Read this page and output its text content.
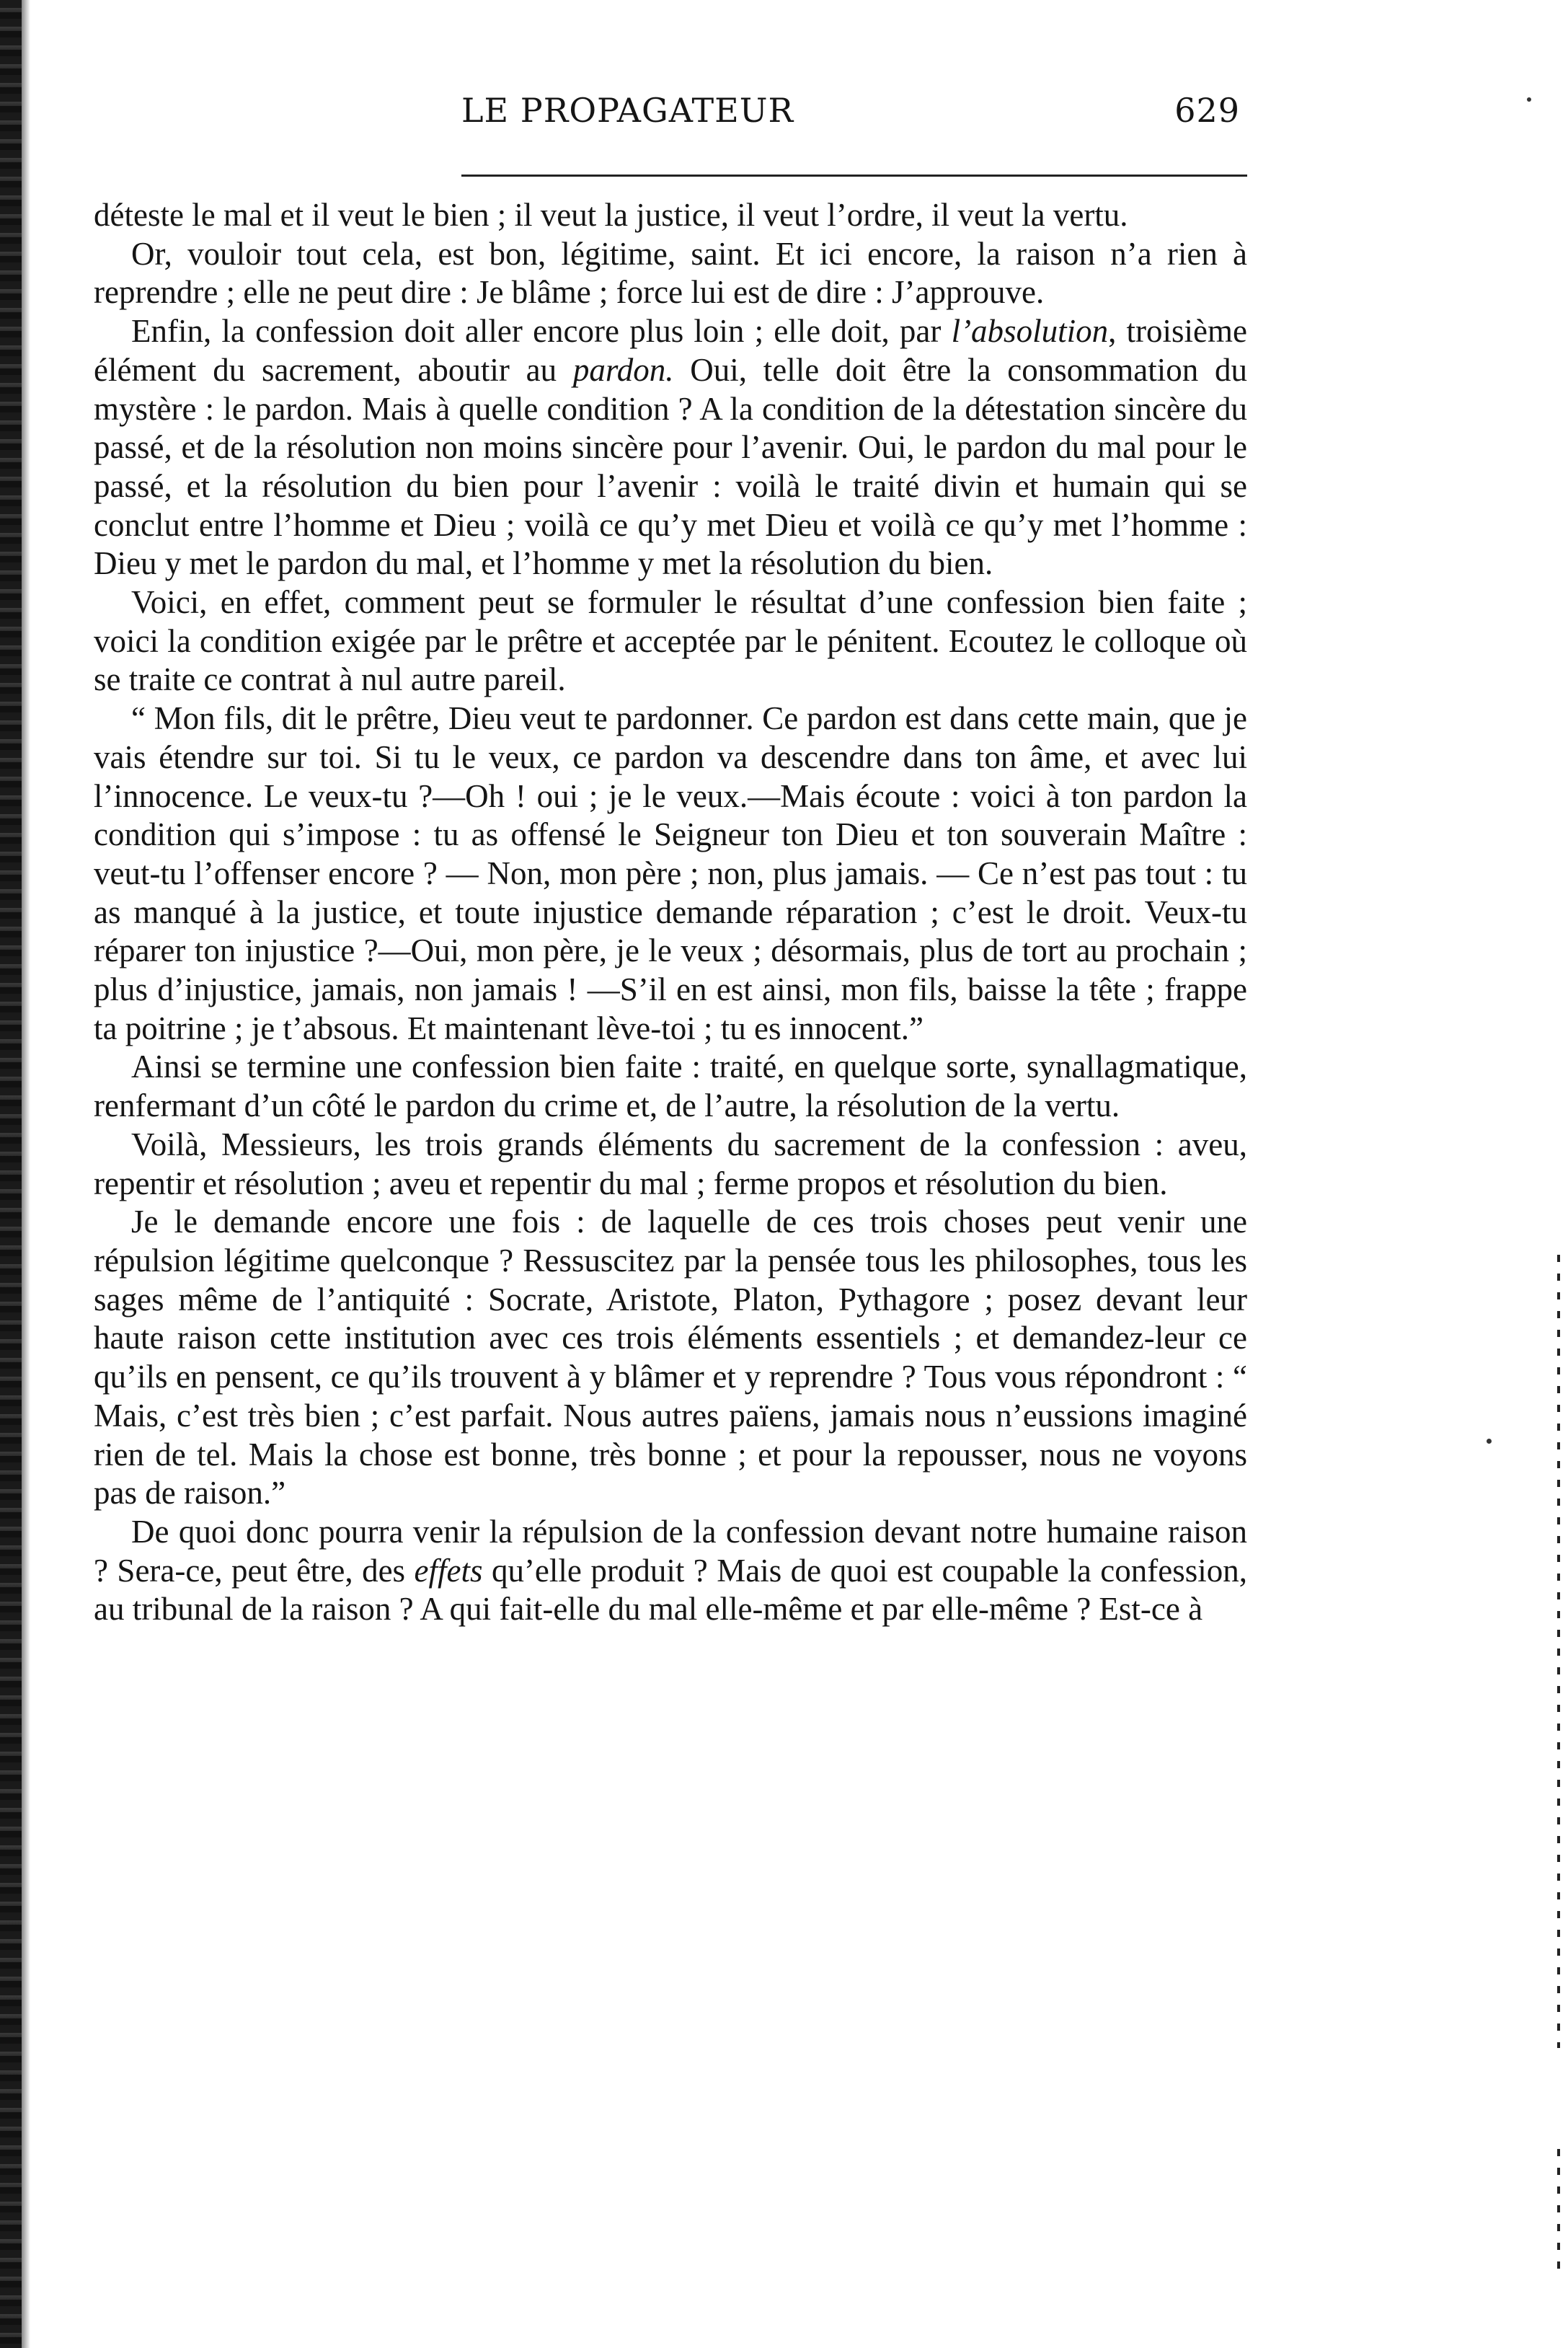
LE PROPAGATEUR	629

déteste le mal et il veut le bien ; il veut la justice, il veut l’ordre, il veut la vertu.

Or, vouloir tout cela, est bon, légitime, saint. Et ici encore, la raison n’a rien à reprendre ; elle ne peut dire : Je blâme ; force lui est de dire : J’approuve.

Enfin, la confession doit aller encore plus loin ; elle doit, par l’absolution, troisième élément du sacrement, aboutir au pardon. Oui, telle doit être la consommation du mystère : le pardon. Mais à quelle condition ? A la condition de la détestation sincère du passé, et de la résolution non moins sincère pour l’avenir. Oui, le pardon du mal pour le passé, et la résolution du bien pour l’avenir : voilà le traité divin et humain qui se conclut entre l’homme et Dieu ; voilà ce qu’y met Dieu et voilà ce qu’y met l’homme : Dieu y met le pardon du mal, et l’homme y met la résolution du bien.

Voici, en effet, comment peut se formuler le résultat d’une confession bien faite ; voici la condition exigée par le prêtre et acceptée par le pénitent. Ecoutez le colloque où se traite ce contrat à nul autre pareil.

“ Mon fils, dit le prêtre, Dieu veut te pardonner. Ce pardon est dans cette main, que je vais étendre sur toi. Si tu le veux, ce pardon va descendre dans ton âme, et avec lui l’innocence. Le veux-tu ?—Oh ! oui ; je le veux.—Mais écoute : voici à ton pardon la condition qui s’impose : tu as offensé le Seigneur ton Dieu et ton souverain Maître : veut-tu l’offenser encore ? — Non, mon père ; non, plus jamais. — Ce n’est pas tout : tu as manqué à la justice, et toute injustice demande réparation ; c’est le droit. Veux-tu réparer ton injustice ?—Oui, mon père, je le veux ; désormais, plus de tort au prochain ; plus d’injustice, jamais, non jamais ! —S’il en est ainsi, mon fils, baisse la tête ; frappe ta poitrine ; je t’absous. Et maintenant lève-toi ; tu es innocent.”

Ainsi se termine une confession bien faite : traité, en quelque sorte, synallagmatique, renfermant d’un côté le pardon du crime et, de l’autre, la résolution de la vertu.

Voilà, Messieurs, les trois grands éléments du sacrement de la confession : aveu, repentir et résolution ; aveu et repentir du mal ; ferme propos et résolution du bien.

Je le demande encore une fois : de laquelle de ces trois choses peut venir une répulsion légitime quelconque ? Ressuscitez par la pensée tous les philosophes, tous les sages même de l’antiquité : Socrate, Aristote, Platon, Pythagore ; posez devant leur haute raison cette institution avec ces trois éléments essentiels ; et demandez-leur ce qu’ils en pensent, ce qu’ils trouvent à y blâmer et y reprendre ? Tous vous répondront : “ Mais, c’est très bien ; c’est parfait. Nous autres païens, jamais nous n’eussions imaginé rien de tel. Mais la chose est bonne, très bonne ; et pour la repousser, nous ne voyons pas de raison.”

De quoi donc pourra venir la répulsion de la confession devant notre humaine raison ? Sera-ce, peut être, des effets qu’elle produit ? Mais de quoi est coupable la confession, au tribunal de la raison ? A qui fait-elle du mal elle-même et par elle-même ? Est-ce à
